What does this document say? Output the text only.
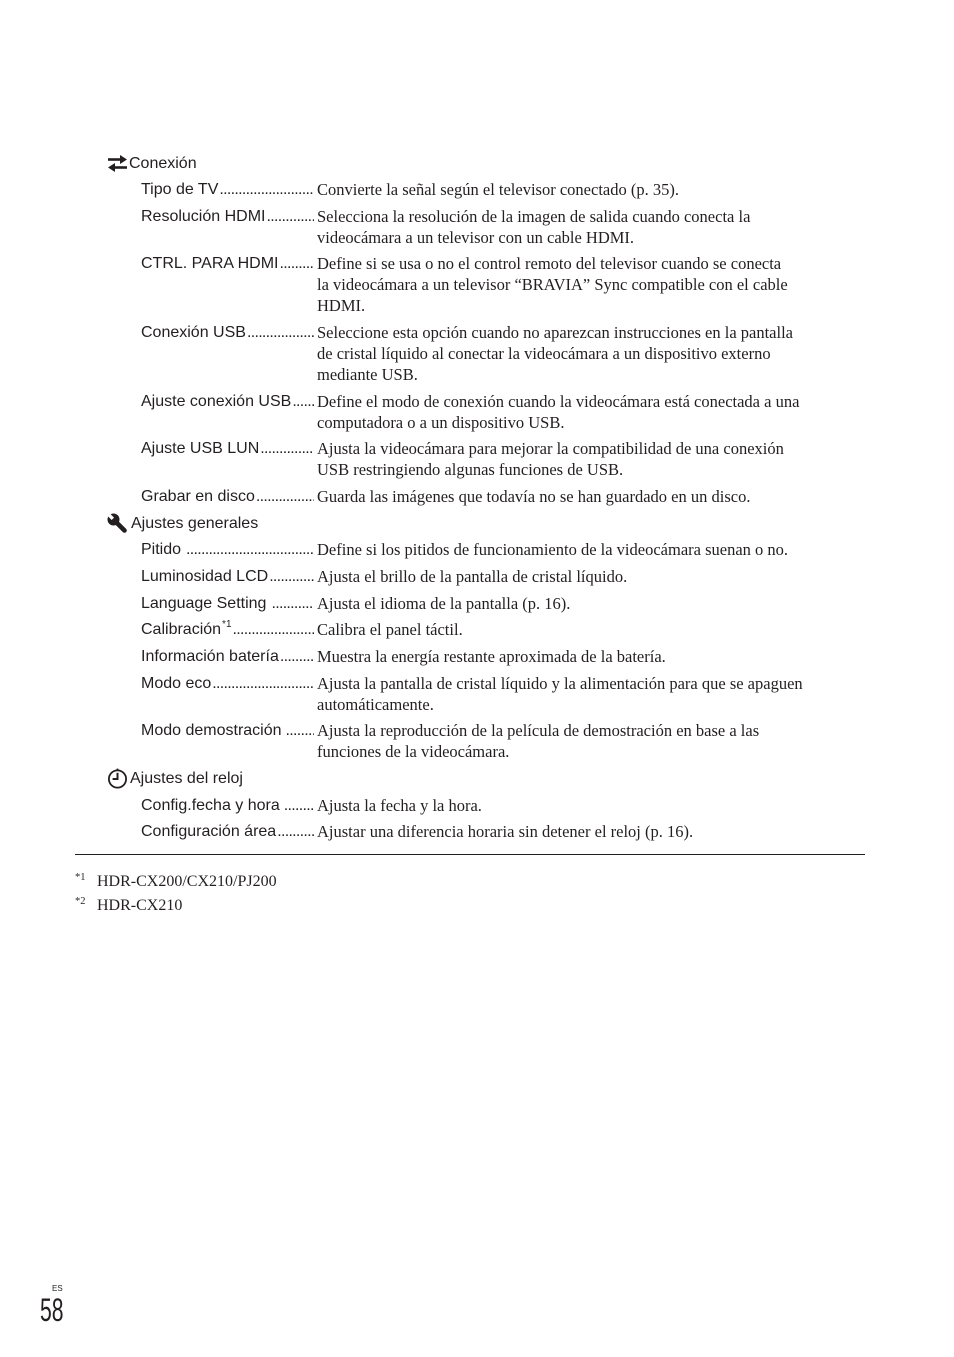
Conexión
Tipo de TV .....	Convierte la señal según el televisor conectado (p. 35).
Resolución HDMI .....	Selecciona la resolución de la imagen de salida cuando conecta la
videocámara a un televisor con un cable HDMI.
CTRL. PARA HDMI ..... Define si se usa o no el control remoto del televisor cuando se conecta
la videocámara a un televisor “BRAVIA” Sync compatible con el cable
HDMI.
Conexión USB .....	Seleccione esta opción cuando no aparezcan instrucciones en la pantalla
de cristal líquido al conectar la videocámara a un dispositivo externo
mediante USB.
Ajuste conexión USB ..... Define el modo de conexión cuando la videocámara está conectada a una
computadora o a un dispositivo USB.
Ajuste USB LUN .....	Ajusta la videocámara para mejorar la compatibilidad de una conexión
USB restringiendo algunas funciones de USB.
Grabar en disco .....	Guarda las imágenes que todavía no se han guardado en un disco.
Ajustes generales
Pitido .....	Define si los pitidos de funcionamiento de la videocámara suenan o no.
Luminosidad LCD .....	Ajusta el brillo de la pantalla de cristal líquido.
Language Setting .....	Ajusta el idioma de la pantalla (p. 16).
Calibración *1 .....	Calibra el panel táctil.
Información batería ..... Muestra la energía restante aproximada de la batería.
Modo eco .....	Ajusta la pantalla de cristal líquido y la alimentación para que se apaguen
automáticamente.
Modo demostración ..... Ajusta la reproducción de la película de demostración en base a las
funciones de la videocámara.
Ajustes del reloj
Config.fecha y hora ..... Ajusta la fecha y la hora.
Configuración área ..... Ajustar una diferencia horaria sin detener el reloj (p. 16).
*1 HDR-CX200/CX210/PJ200
*2 HDR-CX210
ES
58
